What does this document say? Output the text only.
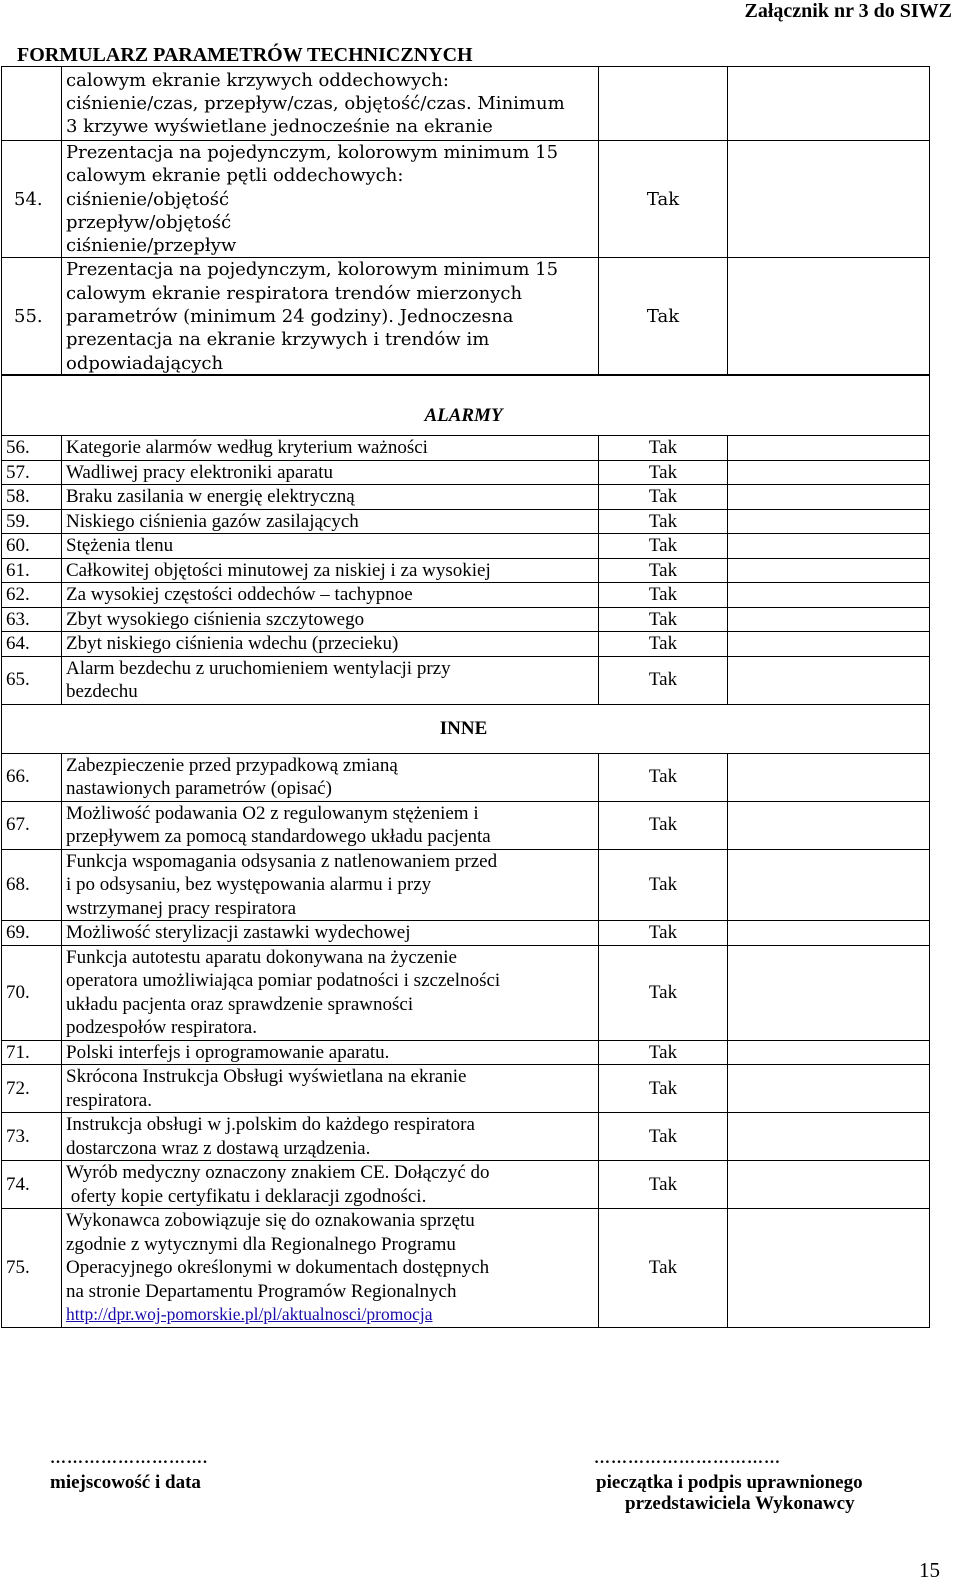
Załącznik nr 3 do SIWZ
FORMULARZ PARAMETRÓW TECHNICZNYCH

	calowym ekranie krzywych oddechowych:
ciśnienie/czas, przepływ/czas, objętość/czas. Minimum
3 krzywe wyświetlane jednocześnie na ekranie		

54.	Prezentacja na pojedynczym, kolorowym minimum 15
calowym ekranie pętli oddechowych:
ciśnienie/objętość
przepływ/objętość
ciśnienie/przepływ	Tak	
55.	Prezentacja na pojedynczym, kolorowym minimum 15
calowym ekranie respiratora trendów mierzonych
parametrów (minimum 24 godziny). Jednoczesna
prezentacja na ekranie krzywych i trendów im
odpowiadających	Tak	
ALARMY			
56.	Kategorie alarmów według kryterium ważności	Tak	
57.	Wadliwej pracy elektroniki aparatu	Tak	
58.	Braku zasilania w energię elektryczną	Tak	
59.	Niskiego ciśnienia gazów zasilających	Tak	
60.	Stężenia tlenu	Tak	
61.	Całkowitej objętości minutowej za niskiej i za wysokiej	Tak	
62.	Za wysokiej częstości oddechów – tachypnoe	Tak	
63.	Zbyt wysokiego ciśnienia szczytowego	Tak	
64.	Zbyt niskiego ciśnienia wdechu (przecieku)	Tak	
65.	Alarm bezdechu z uruchomieniem wentylacji przy
bezdechu	Tak	
INNE			
66.	Zabezpieczenie przed przypadkową zmianą
nastawionych parametrów (opisać)	Tak	
67.	Możliwość podawania O2 z regulowanym stężeniem i
przepływem za pomocą standardowego układu pacjenta	Tak	
68.	Funkcja wspomagania odsysania z natlenowaniem przed
i po odsysaniu, bez występowania alarmu i przy
wstrzymanej pracy respiratora	Tak	
69.	Możliwość sterylizacji zastawki wydechowej	Tak	
70.	Funkcja autotestu aparatu dokonywana na życzenie
operatora umożliwiająca pomiar podatności i szczelności
układu pacjenta oraz sprawdzenie sprawności
podzespołów respiratora.	Tak	
71.	Polski interfejs i oprogramowanie aparatu.	Tak	
72.	Skrócona Instrukcja Obsługi wyświetlana na ekranie
respiratora.	Tak	
73.	Instrukcja obsługi w j.polskim do każdego respiratora
dostarczona wraz z dostawą urządzenia.	Tak	
74.	Wyrób medyczny oznaczony znakiem CE. Dołączyć do
oferty kopie certyfikatu i deklaracji zgodności.	Tak	
75.	Wykonawca zobowiązuje się do oznakowania sprzętu
zgodnie z wytycznymi dla Regionalnego Programu
Operacyjnego określonymi w dokumentach dostępnych
na stronie Departamentu Programów Regionalnych
http://dpr.woj-pomorskie.pl/pl/aktualnosci/promocja	Tak	
……………………….
miejscowość i data
……………………………
pieczątka i podpis uprawnionego
przedstawiciela Wykonawcy
15
